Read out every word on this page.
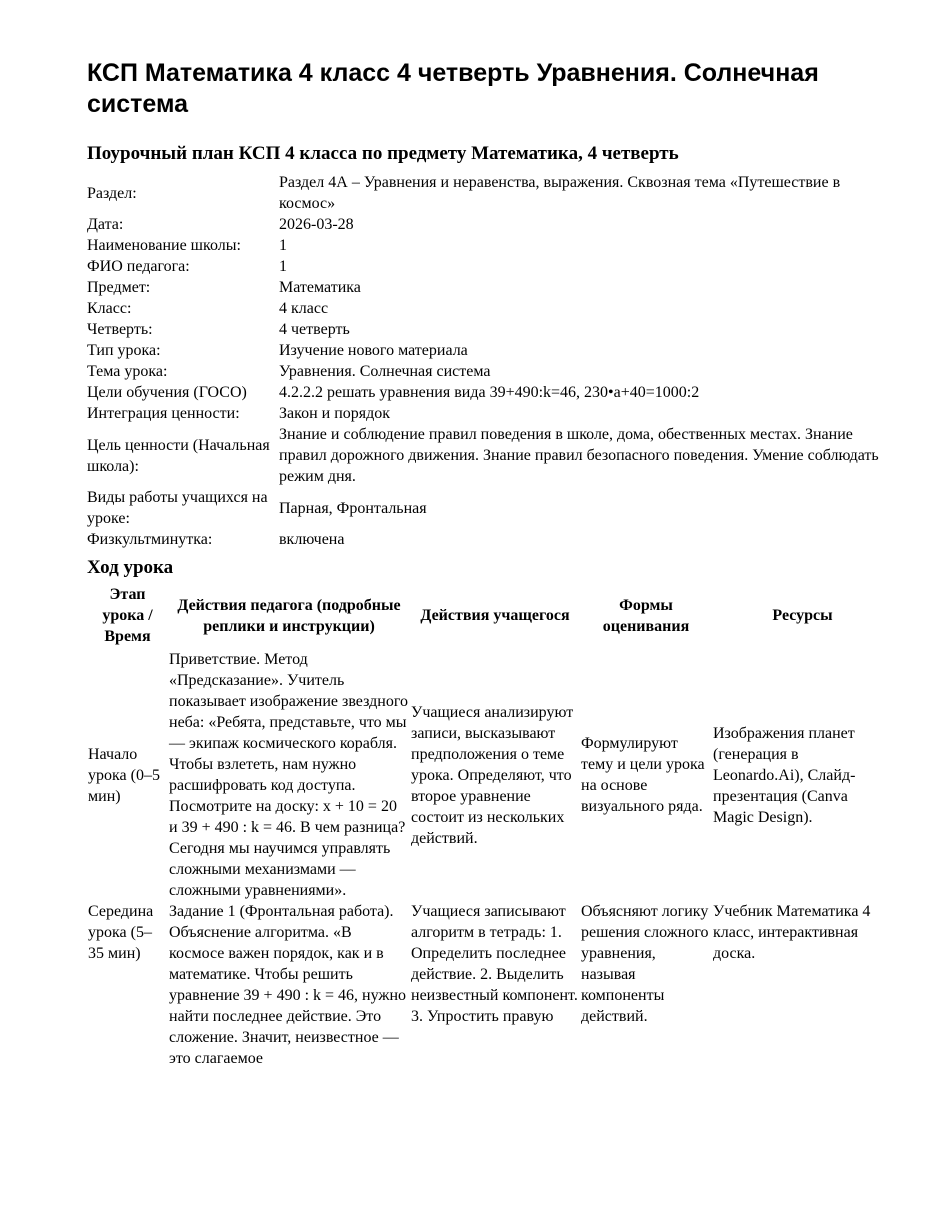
КСП Математика 4 класс 4 четверть Уравнения. Солнечная система
Поурочный план КСП 4 класса по предмету Математика, 4 четверть
Раздел:	Раздел 4А – Уравнения и неравенства, выражения. Сквозная тема «Путешествие в космос»
Дата:	2026-03-28
Наименование школы:	1
ФИО педагога:	1
Предмет:	Математика
Класс:	4 класс
Четверть:	4 четверть
Тип урока:	Изучение нового материала
Тема урока:	Уравнения. Солнечная система
Цели обучения (ГОСО)	4.2.2.2 решать уравнения вида 39+490:k=46, 230•a+40=1000:2
Интеграция ценности:	Закон и порядок
Цель ценности (Начальная школа):	Знание и соблюдение правил поведения в школе, дома, обественных местах. Знание правил дорожного движения. Знание правил безопасного поведения. Умение соблюдать режим дня.
Виды работы учащихся на уроке:	Парная, Фронтальная
Физкультминутка:	включена
Ход урока
Этап урока / Время	Действия педагога (подробные реплики и инструкции)	Действия учащегося	Формы оценивания	Ресурсы
Начало урока (0–5 мин)	Приветствие. Метод «Предсказание». Учитель показывает изображение звездного неба: «Ребята, представьте, что мы — экипаж космического корабля. Чтобы взлететь, нам нужно расшифровать код доступа. Посмотрите на доску: x + 10 = 20 и 39 + 490 : k = 46. В чем разница? Сегодня мы научимся управлять сложными механизмами — сложными уравнениями».	Учащиеся анализируют записи, высказывают предположения о теме урока. Определяют, что второе уравнение состоит из нескольких действий.	Формулируют тему и цели урока на основе визуального ряда.	Изображения планет (генерация в Leonardo.Ai), Слайд-презентация (Canva Magic Design).
Середина урока (5–35 мин)	Задание 1 (Фронтальная работа). Объяснение алгоритма. «В космосе важен порядок, как и в математике. Чтобы решить уравнение 39 + 490 : k = 46, нужно найти последнее действие. Это сложение. Значит, неизвестное — это слагаемое	Учащиеся записывают алгоритм в тетрадь: 1. Определить последнее действие. 2. Выделить неизвестный компонент. 3. Упростить правую	Объясняют логику решения сложного уравнения, называя компоненты действий.	Учебник Математика 4 класс, интерактивная доска.
